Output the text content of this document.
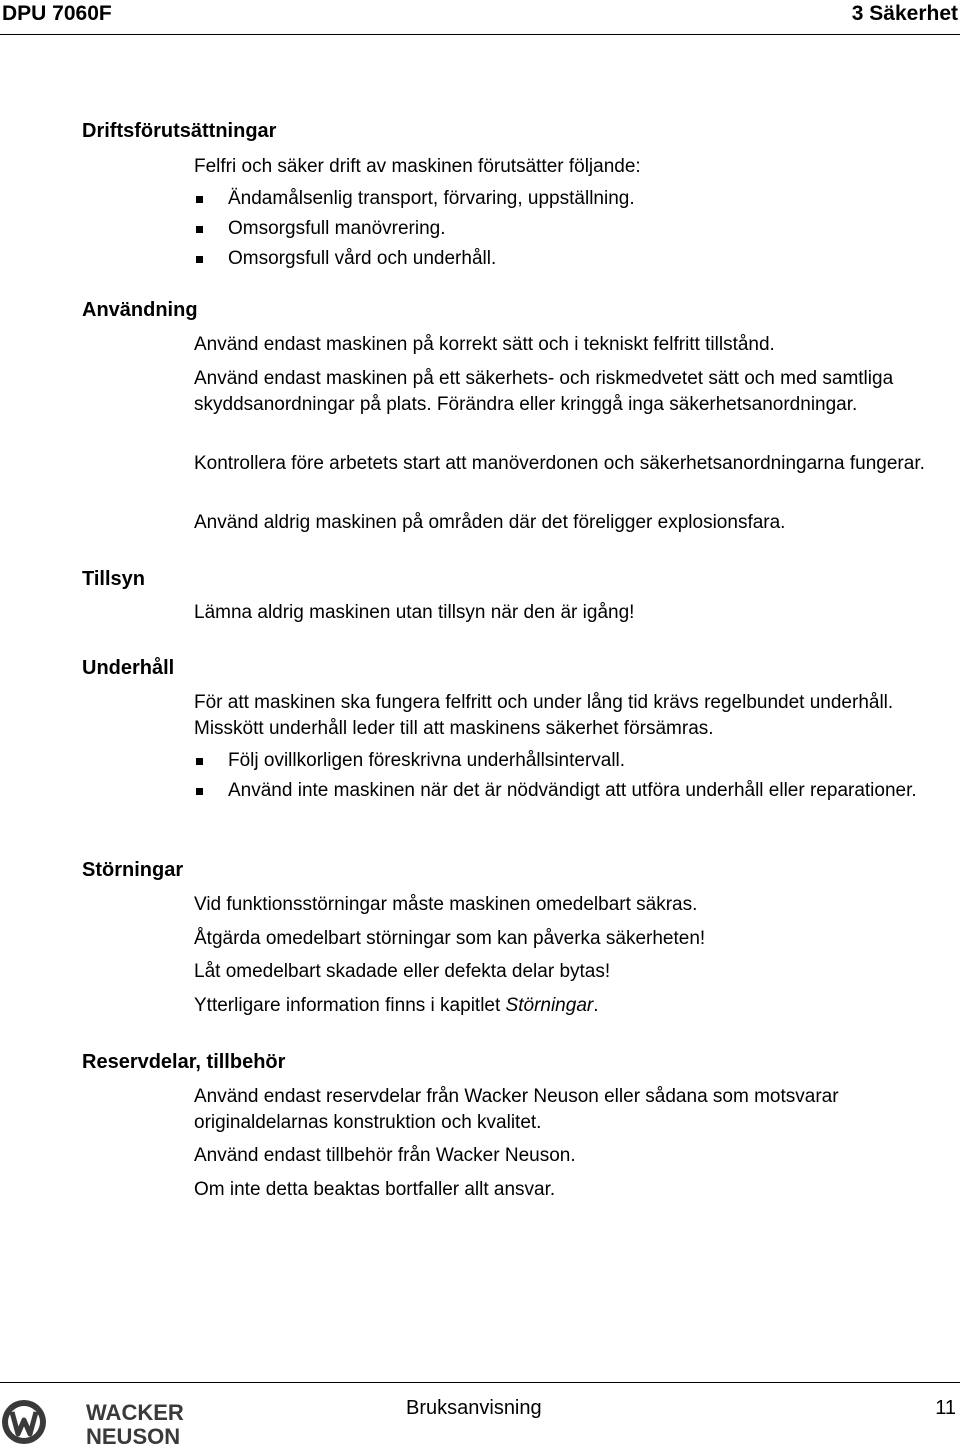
DPU 7060F	3 Säkerhet
Driftsförutsättningar

Felfri och säker drift av maskinen förutsätter följande:

Ändamålsenlig transport, förvaring, uppställning.
Omsorgsfull manövrering.
Omsorgsfull vård och underhåll.
Användning

Använd endast maskinen på korrekt sätt och i tekniskt felfritt tillstånd.

Använd endast maskinen på ett säkerhets- och riskmedvetet sätt och med samtliga skyddsanordningar på plats. Förändra eller kringgå inga säkerhetsanordningar.

Kontrollera före arbetets start att manöverdonen och säkerhetsanordningarna fungerar.

Använd aldrig maskinen på områden där det föreligger explosionsfara.

Tillsyn

Lämna aldrig maskinen utan tillsyn när den är igång!

Underhåll

För att maskinen ska fungera felfritt och under lång tid krävs regelbundet underhåll. Misskött underhåll leder till att maskinens säkerhet försämras.

Följ ovillkorligen föreskrivna underhållsintervall.
Använd inte maskinen när det är nödvändigt att utföra underhåll eller reparationer.
Störningar

Vid funktionsstörningar måste maskinen omedelbart säkras.

Åtgärda omedelbart störningar som kan påverka säkerheten!

Låt omedelbart skadade eller defekta delar bytas!

Ytterligare information finns i kapitlet Störningar.

Reservdelar, tillbehör

Använd endast reservdelar från Wacker Neuson eller sådana som motsvarar originaldelarnas konstruktion och kvalitet.

Använd endast tillbehör från Wacker Neuson.

Om inte detta beaktas bortfaller allt ansvar.

WACKER
NEUSON
Bruksanvisning	11
